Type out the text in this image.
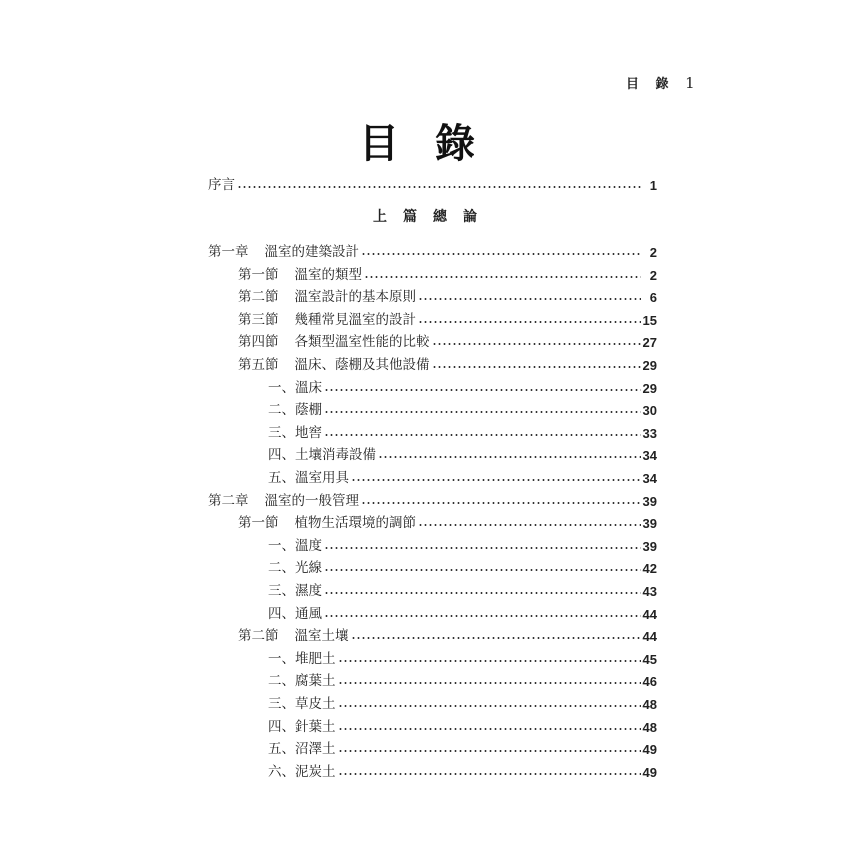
目 錄 1
目錄
序言	1
上篇總論
第一章 溫室的建築設計	2
第一節 溫室的類型	2
第二節 溫室設計的基本原則	6
第三節 幾種常見溫室的設計	15
第四節 各類型溫室性能的比較	27
第五節 溫床、蔭棚及其他設備	29
一、溫床	29
二、蔭棚	30
三、地窖	33
四、土壤消毒設備	34
五、溫室用具	34
第二章 溫室的一般管理	39
第一節 植物生活環境的調節	39
一、溫度	39
二、光線	42
三、濕度	43
四、通風	44
第二節 溫室土壤	44
一、堆肥土	45
二、腐葉土	46
三、草皮土	48
四、針葉土	48
五、沼澤土	49
六、泥炭土	49
